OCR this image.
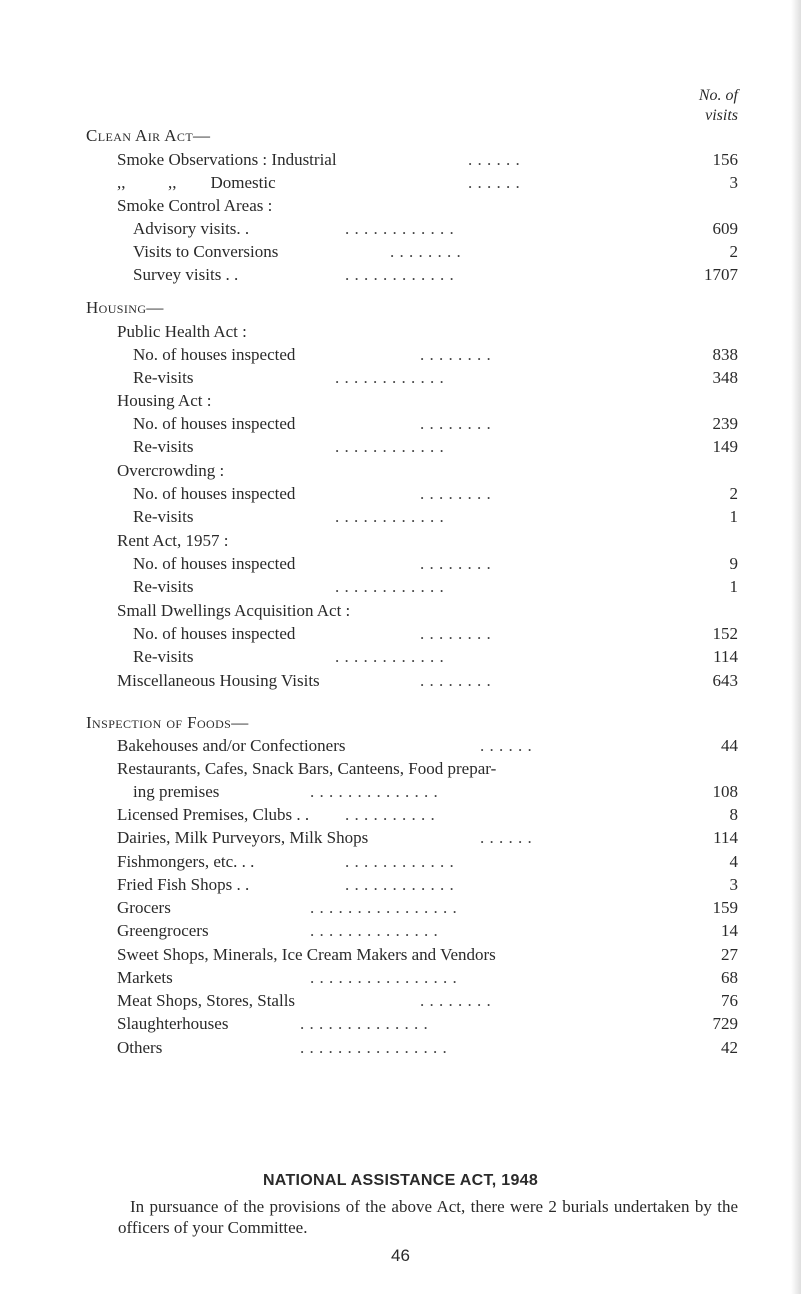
No. of
visits
Clean Air Act—
Smoke Observations : Industrial	. . . . . .	156
,,          ,,        Domestic	. . . . . .	3
Smoke Control Areas :
Advisory visits. .	. . . . . . . . . . . .	609
Visits to Conversions	. . . . . . . .	2
Survey visits . .	. . . . . . . . . . . .	1707
Housing—
Public Health Act :
No. of houses inspected	. . . . . . . .	838
Re-visits	. . . . . . . . . . . .	348
Housing Act :
No. of houses inspected	. . . . . . . .	239
Re-visits	. . . . . . . . . . . .	149
Overcrowding :
No. of houses inspected	. . . . . . . .	2
Re-visits	. . . . . . . . . . . .	1
Rent Act, 1957 :
No. of houses inspected	. . . . . . . .	9
Re-visits	. . . . . . . . . . . .	1
Small Dwellings Acquisition Act :
No. of houses inspected	. . . . . . . .	152
Re-visits	. . . . . . . . . . . .	114
Miscellaneous Housing Visits	. . . . . . . .	643
Inspection of Foods—
Bakehouses and/or Confectioners	. . . . . .	44
Restaurants, Cafes, Snack Bars, Canteens, Food prepar-
ing premises	. . . . . . . . . . . . . .	108
Licensed Premises, Clubs . . . . . . . . . . . .	8
Dairies, Milk Purveyors, Milk Shops	. . . . . .	114
Fishmongers, etc. . .	. . . . . . . . . . . .	4
Fried Fish Shops . .	. . . . . . . . . . . .	3
Grocers	. . . . . . . . . . . . . . . .	159
Greengrocers	. . . . . . . . . . . . . .	14
Sweet Shops, Minerals, Ice Cream Makers and Vendors	27
Markets	. . . . . . . . . . . . . . . .	68
Meat Shops, Stores, Stalls	. . . . . . . .	76
Slaughterhouses	. . . . . . . . . . . . . .	729
Others	. . . . . . . . . . . . . . . .	42
NATIONAL ASSISTANCE ACT, 1948
In pursuance of the provisions of the above Act, there were 2 burials undertaken by the officers of your Committee.
46
